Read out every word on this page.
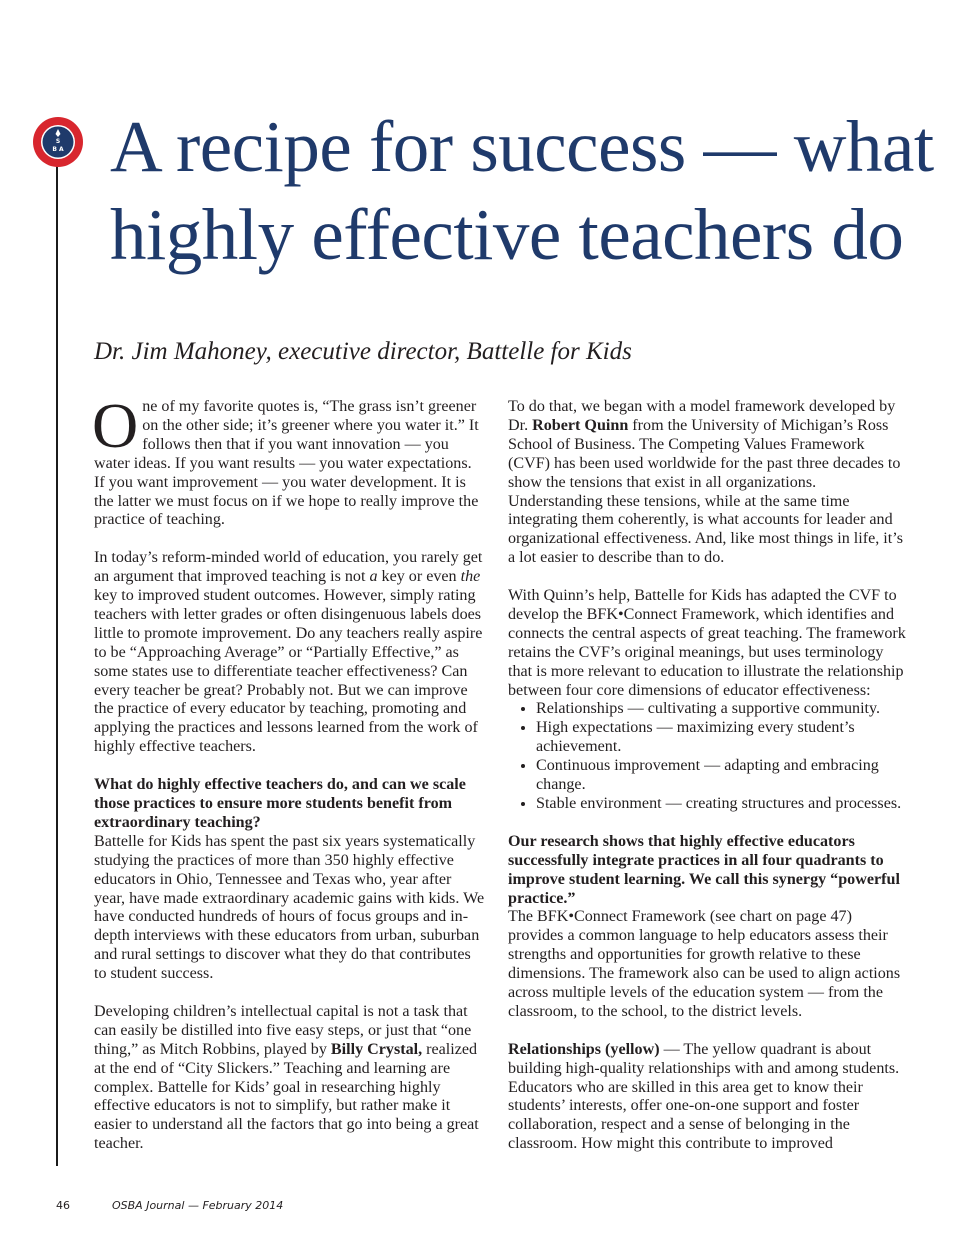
S
B A A recipe for success — what
highly effective teachers do

Dr. Jim Mahoney, executive director, Battelle for Kids

One of my favorite quotes is, “The grass isn’t greener on the other side; it’s greener where you water it.” It follows then that if you want innovation — you water ideas. If you want results — you water expectations. If you want improvement — you water development. It is the latter we must focus on if we hope to really improve the practice of teaching.

In today’s reform-minded world of education, you rarely get an argument that improved teaching is not a key or even the key to improved student outcomes. However, simply rating teachers with letter grades or often disingenuous labels does little to promote improvement. Do any teachers really aspire to be “Approaching Average” or “Partially Effective,” as some states use to differentiate teacher effectiveness? Can every teacher be great? Probably not. But we can improve the practice of every educator by teaching, promoting and applying the practices and lessons learned from the work of highly effective teachers.

What do highly effective teachers do, and can we scale those practices to ensure more students benefit from extraordinary teaching?

Battelle for Kids has spent the past six years systematically studying the practices of more than 350 highly effective educators in Ohio, Tennessee and Texas who, year after year, have made extraordinary academic gains with kids. We have conducted hundreds of hours of focus groups and in-depth interviews with these educators from urban, suburban and rural settings to discover what they do that contributes to student success.

Developing children’s intellectual capital is not a task that can easily be distilled into five easy steps, or just that “one thing,” as Mitch Robbins, played by Billy Crystal, realized at the end of “City Slickers.” Teaching and learning are complex. Battelle for Kids’ goal in researching highly effective educators is not to simplify, but rather make it easier to understand all the factors that go into being a great teacher.

To do that, we began with a model framework developed by Dr. Robert Quinn from the University of Michigan’s Ross School of Business. The Competing Values Framework (CVF) has been used worldwide for the past three decades to show the tensions that exist in all organizations. Understanding these tensions, while at the same time integrating them coherently, is what accounts for leader and organizational effectiveness. And, like most things in life, it’s a lot easier to describe than to do.

With Quinn’s help, Battelle for Kids has adapted the CVF to develop the BFK•Connect Framework, which identifies and connects the central aspects of great teaching. The framework retains the CVF’s original meanings, but uses terminology that is more relevant to education to illustrate the relationship between four core dimensions of educator effectiveness:

• Relationships — cultivating a supportive community.
• High expectations — maximizing every student’s achievement.
• Continuous improvement — adapting and embracing change.
• Stable environment — creating structures and processes.
Our research shows that highly effective educators successfully integrate practices in all four quadrants to improve student learning. We call this synergy “powerful practice.”

The BFK•Connect Framework (see chart on page 47) provides a common language to help educators assess their strengths and opportunities for growth relative to these dimensions. The framework also can be used to align actions across multiple levels of the education system — from the classroom, to the school, to the district levels.

Relationships (yellow) — The yellow quadrant is about building high-quality relationships with and among students. Educators who are skilled in this area get to know their students’ interests, offer one-on-one support and foster collaboration, respect and a sense of belonging in the classroom. How might this contribute to improved

46	OSBA Journal — February 2014
